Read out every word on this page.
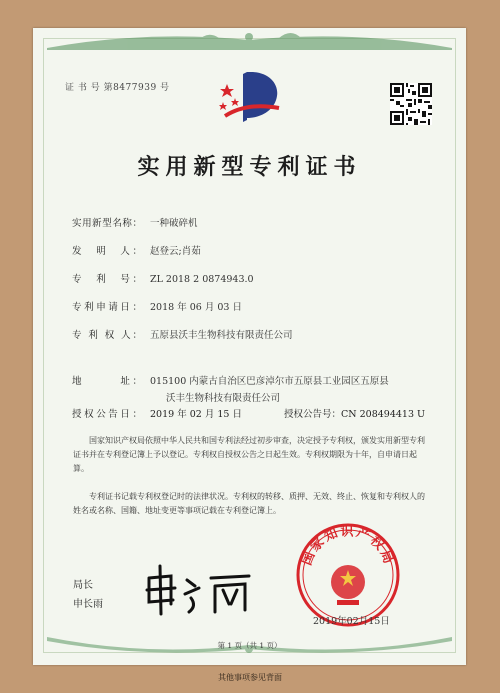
证 书 号 第8477939 号
实用新型专利证书
实用新型名称： 一种破碎机
发　明　人： 赵登云;肖茹
专　利　号： ZL 2018 2 0874943.0
专利申请日： 2018 年 06 月 03 日
专 利 权 人： 五原县沃丰生物科技有限责任公司
地　　　址： 015100 内蒙古自治区巴彦淖尔市五原县工业园区五原县
沃丰生物科技有限责任公司
授权公告日： 2019 年 02 月 15 日	授权公告号：CN 208494413 U
国家知识产权局依照中华人民共和国专利法经过初步审查，决定授予专利权，颁发实用新型专利证书并在专利登记簿上予以登记。专利权自授权公告之日起生效。专利权期限为十年，自申请日起算。
专利证书记载专利权登记时的法律状况。专利权的转移、质押、无效、终止、恢复和专利权人的姓名或名称、国籍、地址变更等事项记载在专利登记簿上。
局长
申长雨
国家知识产权局
2019年02月15日
第 1 页（共 1 页）
其他事项参见背面
